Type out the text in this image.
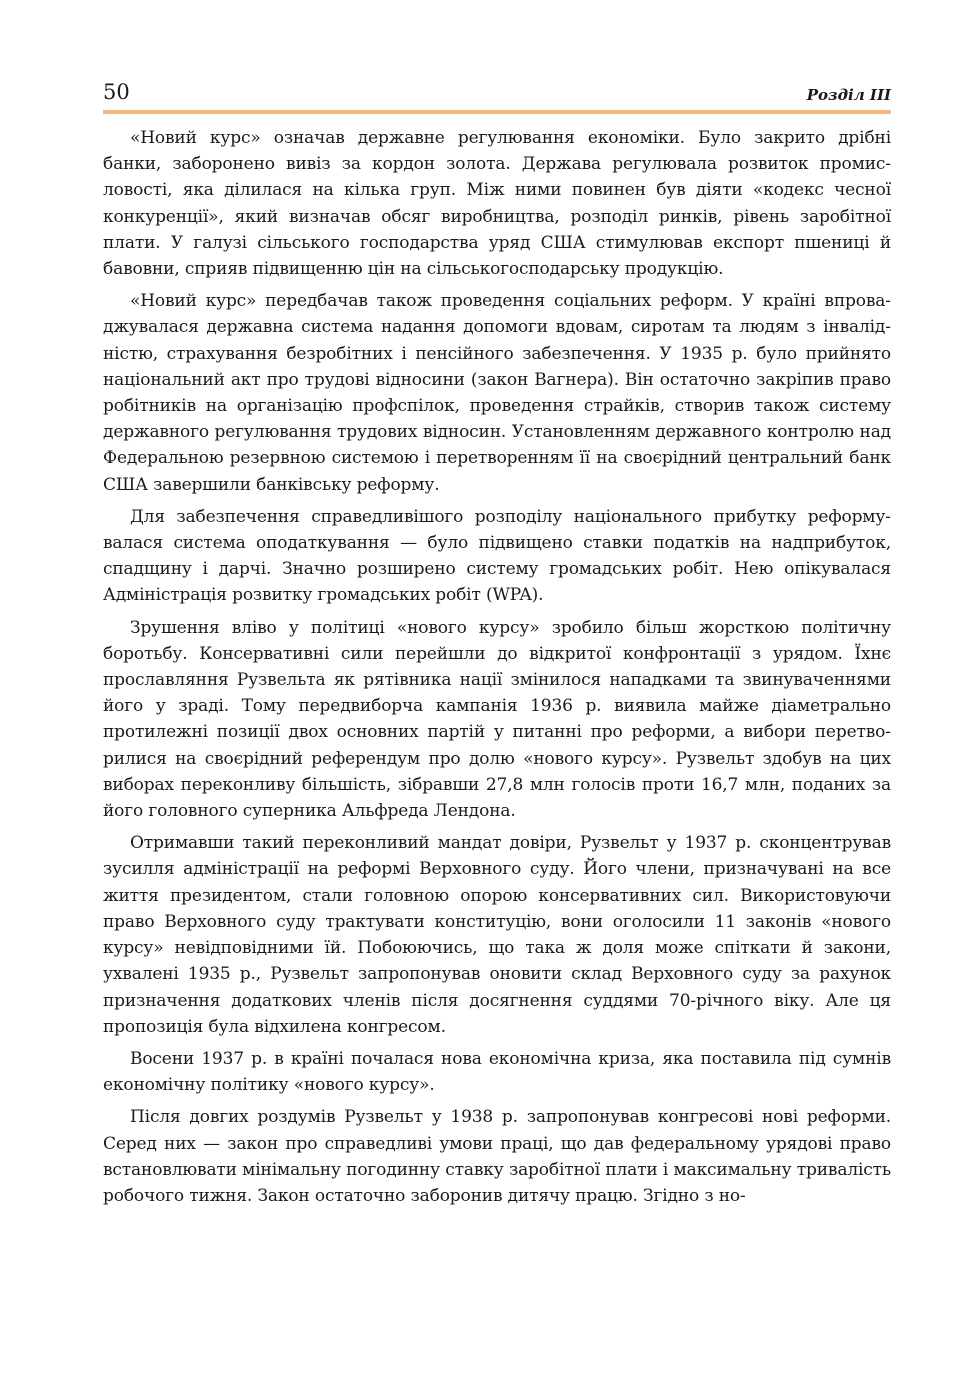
50	Розділ ІІІ

«Новий курс» означав державне регулювання економіки. Було закрито дрібні банки, заборонено вивіз за кордон золота. Держава регулювала розвиток промисловості, яка ділилася на кілька груп. Між ними повинен був діяти «кодекс чесної конкуренції», який визначав обсяг виробництва, розподіл ринків, рівень заробітної плати. У галузі сільського господарства уряд США стимулював експорт пшениці й бавовни, сприяв підвищенню цін на сільськогосподарську продукцію.

«Новий курс» передбачав також проведення соціальних реформ. У країні впроваджувалася державна система надання допомоги вдовам, сиротам та людям з інвалідністю, страхування безробітних і пенсійного забезпечення. У 1935 р. було прийнято національний акт про трудові відносини (закон Вагнера). Він остаточно закріпив право робітників на організацію профспілок, проведення страйків, створив також систему державного регулювання трудових відносин. Установленням державного контролю над Федеральною резервною системою і перетворенням її на своєрідний центральний банк США завершили банківську реформу.

Для забезпечення справедливішого розподілу національного прибутку реформувалася система оподаткування — було підвищено ставки податків на надприбуток, спадщину і дарчі. Значно розширено систему громадських робіт. Нею опікувалася Адміністрація розвитку громадських робіт (WPA).

Зрушення вліво у політиці «нового курсу» зробило більш жорсткою політичну боротьбу. Консервативні сили перейшли до відкритої конфронтації з урядом. Їхнє прославляння Рузвельта як рятівника нації змінилося нападками та звинуваченнями його у зраді. Тому передвиборча кампанія 1936 р. виявила майже діаметрально протилежні позиції двох основних партій у питанні про реформи, а вибори перетворилися на своєрідний референдум про долю «нового курсу». Рузвельт здобув на цих виборах переконливу більшість, зібравши 27,8 млн голосів проти 16,7 млн, поданих за його головного суперника Альфреда Лендона.

Отримавши такий переконливий мандат довіри, Рузвельт у 1937 р. сконцентрував зусилля адміністрації на реформі Верховного суду. Його члени, призначувані на все життя президентом, стали головною опорою консервативних сил. Використовуючи право Верховного суду трактувати конституцію, вони оголосили 11 законів «нового курсу» невідповідними їй. Побоюючись, що така ж доля може спіткати й закони, ухвалені 1935 р., Рузвельт запропонував оновити склад Верховного суду за рахунок призначення додаткових членів після досягнення суддями 70-річного віку. Але ця пропозиція була відхилена конгресом.

Восени 1937 р. в країні почалася нова економічна криза, яка поставила під сумнів економічну політику «нового курсу».

Після довгих роздумів Рузвельт у 1938 р. запропонував конгресові нові реформи. Серед них — закон про справедливі умови праці, що дав федеральному урядові право встановлювати мінімальну погодинну ставку заробітної плати і максимальну тривалість робочого тижня. Закон остаточно заборонив дитячу працю. Згідно з но-
